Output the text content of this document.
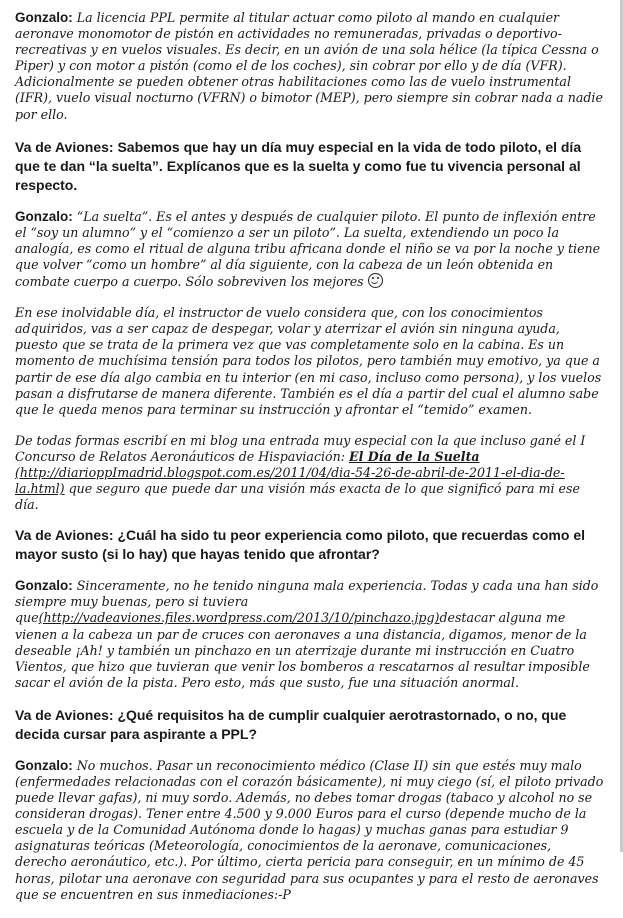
Gonzalo: La licencia PPL permite al titular actuar como piloto al mando en cualquier aeronave monomotor de pistón en actividades no remuneradas, privadas o deportivo-recreativas y en vuelos visuales. Es decir, en un avión de una sola hélice (la típica Cessna o Piper) y con motor a pistón (como el de los coches), sin cobrar por ello y de día (VFR). Adicionalmente se pueden obtener otras habilitaciones como las de vuelo instrumental (IFR), vuelo visual nocturno (VFRN) o bimotor (MEP), pero siempre sin cobrar nada a nadie por ello.

Va de Aviones: Sabemos que hay un día muy especial en la vida de todo piloto, el día que te dan “la suelta”. Explícanos que es la suelta y como fue tu vivencia personal al respecto.

Gonzalo: “La suelta”. Es el antes y después de cualquier piloto. El punto de inflexión entre el “soy un alumno” y el “comienzo a ser un piloto”. La suelta, extendiendo un poco la analogía, es como el ritual de alguna tribu africana donde el niño se va por la noche y tiene que volver “como un hombre” al día siguiente, con la cabeza de un león obtenida en combate cuerpo a cuerpo. Sólo sobreviven los mejores

En ese inolvidable día, el instructor de vuelo considera que, con los conocimientos adquiridos, vas a ser capaz de despegar, volar y aterrizar el avión sin ninguna ayuda, puesto que se trata de la primera vez que vas completamente solo en la cabina. Es un momento de muchísima tensión para todos los pilotos, pero también muy emotivo, ya que a partir de ese día algo cambia en tu interior (en mi caso, incluso como persona), y los vuelos pasan a disfrutarse de manera diferente. También es el día a partir del cual el alumno sabe que le queda menos para terminar su instrucción y afrontar el “temido” examen.

De todas formas escribí en mi blog una entrada muy especial con la que incluso gané el I Concurso de Relatos Aeronáuticos de Hispaviación: El Día de la Suelta (http://diarioppImadrid.blogspot.com.es/2011/04/dia-54-26-de-abril-de-2011-el-dia-de-la.html) que seguro que puede dar una visión más exacta de lo que significó para mi ese día.

Va de Aviones: ¿Cuál ha sido tu peor experiencia como piloto, que recuerdas como el mayor susto (si lo hay) que hayas tenido que afrontar?

Gonzalo: Sinceramente, no he tenido ninguna mala experiencia. Todas y cada una han sido siempre muy buenas, pero si tuviera que(http://vadeaviones.files.wordpress.com/2013/10/pinchazo.jpg)destacar alguna me vienen a la cabeza un par de cruces con aeronaves a una distancia, digamos, menor de la deseable ¡Ah! y también un pinchazo en un aterrizaje durante mi instrucción en Cuatro Vientos, que hizo que tuvieran que venir los bomberos a rescatarnos al resultar imposible sacar el avión de la pista. Pero esto, más que susto, fue una situación anormal.

Va de Aviones: ¿Qué requisitos ha de cumplir cualquier aerotrastornado, o no, que decida cursar para aspirante a PPL?

Gonzalo: No muchos. Pasar un reconocimiento médico (Clase II) sin que estés muy malo (enfermedades relacionadas con el corazón básicamente), ni muy ciego (sí, el piloto privado puede llevar gafas), ni muy sordo. Además, no debes tomar drogas (tabaco y alcohol no se consideran drogas). Tener entre 4.500 y 9.000 Euros para el curso (depende mucho de la escuela y de la Comunidad Autónoma donde lo hagas) y muchas ganas para estudiar 9 asignaturas teóricas (Meteorología, conocimientos de la aeronave, comunicaciones, derecho aeronáutico, etc.). Por último, cierta pericia para conseguir, en un mínimo de 45 horas, pilotar una aeronave con seguridad para sus ocupantes y para el resto de aeronaves que se encuentren en sus inmediaciones:-P
